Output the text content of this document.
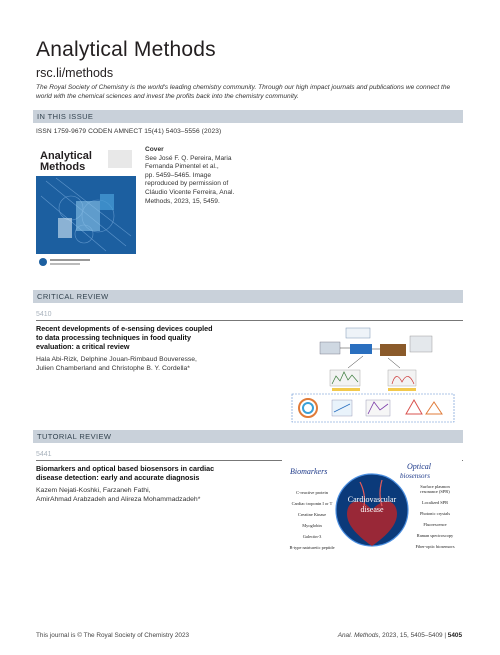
Analytical Methods
rsc.li/methods
The Royal Society of Chemistry is the world's leading chemistry community. Through our high impact journals and publications we connect the world with the chemical sciences and invest the profits back into the chemistry community.
IN THIS ISSUE
ISSN 1759-9679 CODEN AMNECT 15(41) 5403–5556 (2023)
Analytical
Methods
Cover
See José F. Q. Pereira, Maria
Fernanda Pimentel et al.,
pp. 5459–5465. Image
reproduced by permission of
Cláudio Vicente Ferreira, Anal.
Methods, 2023, 15, 5459.
CRITICAL REVIEW
5410
Recent developments of e-sensing devices coupled
to data processing techniques in food quality
evaluation: a critical review
Hala Abi-Rizk, Delphine Jouan-Rimbaud Bouveresse,
Julien Chamberland and Christophe B. Y. Cordella*
TUTORIAL REVIEW
5441
Biomarkers and optical based biosensors in cardiac
disease detection: early and accurate diagnosis
Kazem Nejati-Koshki, Farzaneh Fathi,
AmirAhmad Arabzadeh and Alireza Mohammadzadeh*
Biomarkers
Optical
biosensors
Cardiovascular
disease
C-reactive protein
Cardiac troponin I or T
Creatine Kinase
Myoglobin
Galectin-3
B-type natriuretic peptide
Surface plasmon
resonance (SPR)
Localized SPR
Photonic crystals
Fluorescence
Raman spectroscopy
Fiber-optic biosensors
This journal is © The Royal Society of Chemistry 2023	Anal. Methods, 2023, 15, 5405–5409 | 5405
